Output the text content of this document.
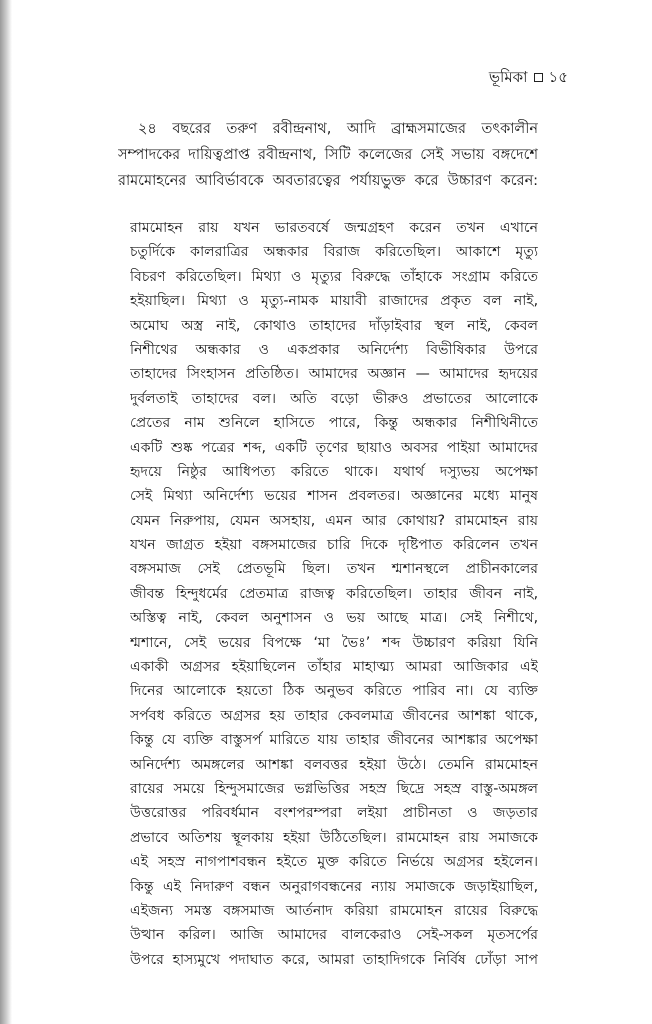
ভূমিকা ১৫
২৪ বছরের তরুণ রবীন্দ্রনাথ, আদি ব্রাহ্মসমাজের তৎকালীন
সম্পাদকের দায়িত্বপ্রাপ্ত রবীন্দ্রনাথ, সিটি কলেজের সেই সভায় বঙ্গদেশে
রামমোহনের আবির্ভাবকে অবতারত্বের পর্যায়ভুক্ত করে উচ্চারণ করেন:
রামমোহন রায় যখন ভারতবর্ষে জন্মগ্রহণ করেন তখন এখানে
চতুর্দিকে কালরাত্রির অন্ধকার বিরাজ করিতেছিল। আকাশে মৃত্যু
বিচরণ করিতেছিল। মিথ্যা ও মৃত্যুর বিরুদ্ধে তাঁহাকে সংগ্রাম করিতে
হইয়াছিল। মিথ্যা ও মৃত্যু-নামক মায়াবী রাজাদের প্রকৃত বল নাই,
অমোঘ অস্ত্র নাই, কোথাও তাহাদের দাঁড়াইবার স্থল নাই, কেবল
নিশীথের অন্ধকার ও একপ্রকার অনির্দেশ্য বিভীষিকার উপরে
তাহাদের সিংহাসন প্রতিষ্ঠিত। আমাদের অজ্ঞান — আমাদের হৃদয়ের
দুর্বলতাই তাহাদের বল। অতি বড়ো ভীরুও প্রভাতের আলোকে
প্রেতের নাম শুনিলে হাসিতে পারে, কিন্তু অন্ধকার নিশীথিনীতে
একটি শুষ্ক পত্রের শব্দ, একটি তৃণের ছায়াও অবসর পাইয়া আমাদের
হৃদয়ে নিষ্ঠুর আধিপত্য করিতে থাকে। যথার্থ দস্যুভয় অপেক্ষা
সেই মিথ্যা অনির্দেশ্য ভয়ের শাসন প্রবলতর। অজ্ঞানের মধ্যে মানুষ
যেমন নিরুপায়, যেমন অসহায়, এমন আর কোথায়? রামমোহন রায়
যখন জাগ্রত হইয়া বঙ্গসমাজের চারি দিকে দৃষ্টিপাত করিলেন তখন
বঙ্গসমাজ সেই প্রেতভূমি ছিল। তখন শ্মশানস্থলে প্রাচীনকালের
জীবন্ত হিন্দুধর্মের প্রেতমাত্র রাজত্ব করিতেছিল। তাহার জীবন নাই,
অস্তিত্ব নাই, কেবল অনুশাসন ও ভয় আছে মাত্র। সেই নিশীথে,
শ্মশানে, সেই ভয়ের বিপক্ষে ‘মা ভৈঃ’ শব্দ উচ্চারণ করিয়া যিনি
একাকী অগ্রসর হইয়াছিলেন তাঁহার মাহাত্ম্য আমরা আজিকার এই
দিনের আলোকে হয়তো ঠিক অনুভব করিতে পারিব না। যে ব্যক্তি
সর্পবধ করিতে অগ্রসর হয় তাহার কেবলমাত্র জীবনের আশঙ্কা থাকে,
কিন্তু যে ব্যক্তি বাস্তুসর্প মারিতে যায় তাহার জীবনের আশঙ্কার অপেক্ষা
অনির্দেশ্য অমঙ্গলের আশঙ্কা বলবত্তর হইয়া উঠে। তেমনি রামমোহন
রায়ের সময়ে হিন্দুসমাজের ভগ্নভিত্তির সহস্র ছিদ্রে সহস্র বাস্তু-অমঙ্গল
উত্তরোত্তর পরিবর্ধমান বংশপরম্পরা লইয়া প্রাচীনতা ও জড়তার
প্রভাবে অতিশয় স্থূলকায় হইয়া উঠিতেছিল। রামমোহন রায় সমাজকে
এই সহস্র নাগপাশবন্ধন হইতে মুক্ত করিতে নির্ভয়ে অগ্রসর হইলেন।
কিন্তু এই নিদারুণ বন্ধন অনুরাগবন্ধনের ন্যায় সমাজকে জড়াইয়াছিল,
এইজন্য সমস্ত বঙ্গসমাজ আর্তনাদ করিয়া রামমোহন রায়ের বিরুদ্ধে
উত্থান করিল। আজি আমাদের বালকেরাও সেই-সকল মৃতসর্পের
উপরে হাস্যমুখে পদাঘাত করে, আমরা তাহাদিগকে নির্বিষ ঢোঁড়া সাপ
